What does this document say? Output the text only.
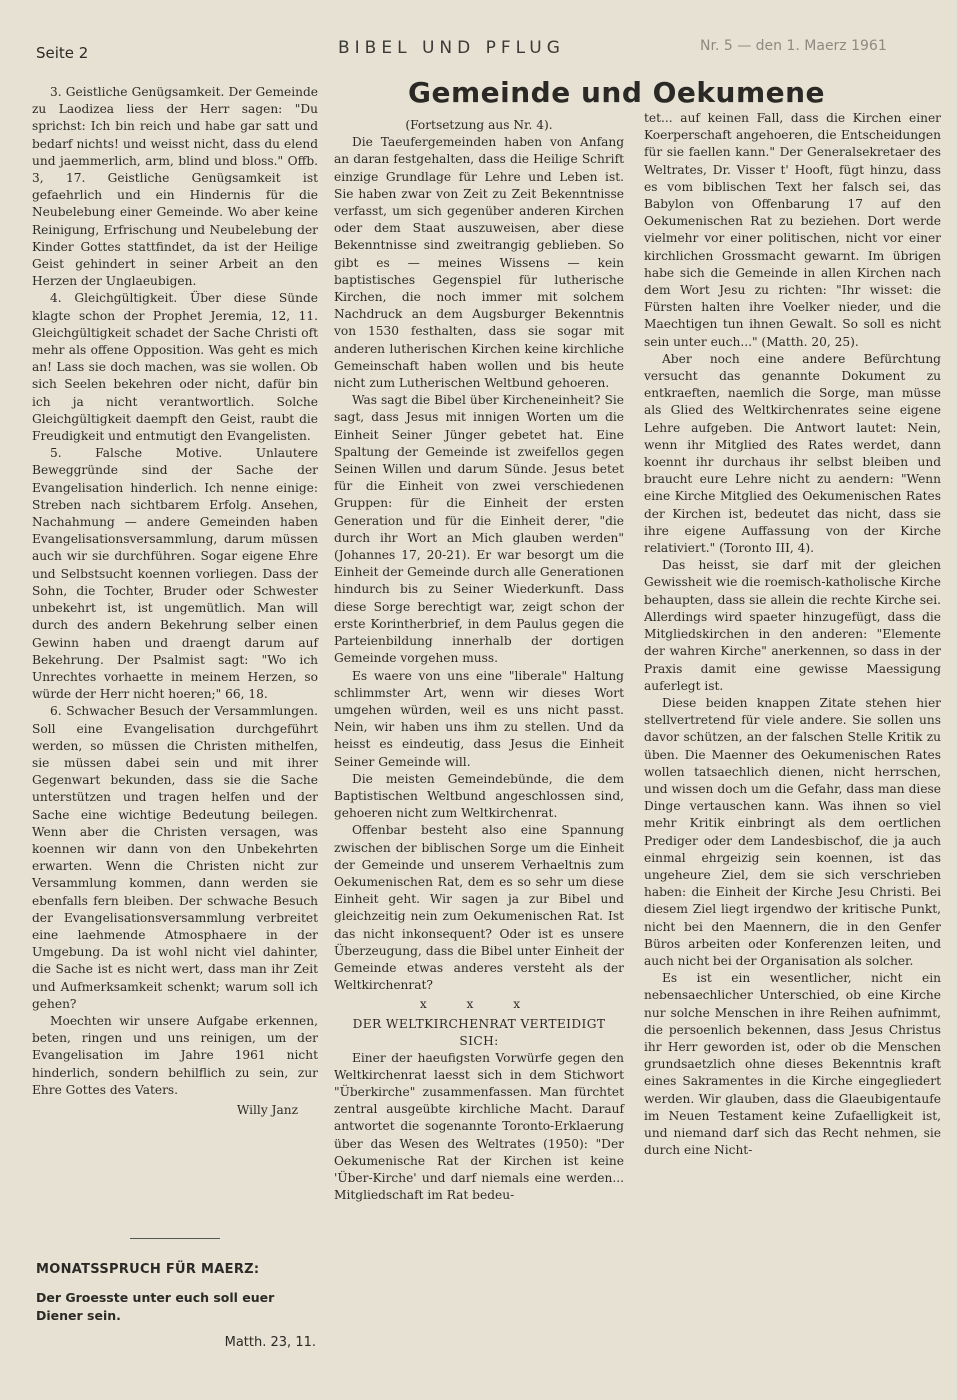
Seite 2	BIBEL UND PFLUG	Nr. 5 — den 1. Maerz 1961

3. Geistliche Genügsamkeit. Der Gemeinde zu Laodizea liess der Herr sagen: "Du sprichst: Ich bin reich und habe gar satt und bedarf nichts! und weisst nicht, dass du elend und jaemmerlich, arm, blind und bloss." Offb. 3, 17. Geistliche Genügsamkeit ist gefaehrlich und ein Hindernis für die Neubelebung einer Gemeinde. Wo aber keine Reinigung, Erfrischung und Neubelebung der Kinder Gottes stattfindet, da ist der Heilige Geist gehindert in seiner Arbeit an den Herzen der Unglaeubigen.

4. Gleichgültigkeit. Über diese Sünde klagte schon der Prophet Jeremia, 12, 11. Gleichgültigkeit schadet der Sache Christi oft mehr als offene Opposition. Was geht es mich an! Lass sie doch machen, was sie wollen. Ob sich Seelen bekehren oder nicht, dafür bin ich ja nicht verantwortlich. Solche Gleichgültigkeit daempft den Geist, raubt die Freudigkeit und entmutigt den Evangelisten.

5. Falsche Motive. Unlautere Beweggründe sind der Sache der Evangelisation hinderlich. Ich nenne einige: Streben nach sichtbarem Erfolg. Ansehen, Nachahmung — andere Gemeinden haben Evangelisationsversammlung, darum müssen auch wir sie durchführen. Sogar eigene Ehre und Selbstsucht koennen vorliegen. Dass der Sohn, die Tochter, Bruder oder Schwester unbekehrt ist, ist ungemütlich. Man will durch des andern Bekehrung selber einen Gewinn haben und draengt darum auf Bekehrung. Der Psalmist sagt: "Wo ich Unrechtes vorhaette in meinem Herzen, so würde der Herr nicht hoeren;" 66, 18.

6. Schwacher Besuch der Versammlungen. Soll eine Evangelisation durchgeführt werden, so müssen die Christen mithelfen, sie müssen dabei sein und mit ihrer Gegenwart bekunden, dass sie die Sache unterstützen und tragen helfen und der Sache eine wichtige Bedeutung beilegen. Wenn aber die Christen versagen, was koennen wir dann von den Unbekehrten erwarten. Wenn die Christen nicht zur Versammlung kommen, dann werden sie ebenfalls fern bleiben. Der schwache Besuch der Evangelisationsversammlung verbreitet eine laehmende Atmosphaere in der Umgebung. Da ist wohl nicht viel dahinter, die Sache ist es nicht wert, dass man ihr Zeit und Aufmerksamkeit schenkt; warum soll ich gehen?

Moechten wir unsere Aufgabe erkennen, beten, ringen und uns reinigen, um der Evangelisation im Jahre 1961 nicht hinderlich, sondern behilflich zu sein, zur Ehre Gottes des Vaters.

Willy Janz

MONATSSPRUCH FÜR MAERZ:
Der Groesste unter euch soll euer Diener sein.
Matth. 23, 11.
Gemeinde und Oekumene

(Fortsetzung aus Nr. 4).

Die Taeufergemeinden haben von Anfang an daran festgehalten, dass die Heilige Schrift einzige Grundlage für Lehre und Leben ist. Sie haben zwar von Zeit zu Zeit Bekenntnisse verfasst, um sich gegenüber anderen Kirchen oder dem Staat auszuweisen, aber diese Bekenntnisse sind zweitrangig geblieben. So gibt es — meines Wissens — kein baptistisches Gegenspiel für lutherische Kirchen, die noch immer mit solchem Nachdruck an dem Augsburger Bekenntnis von 1530 festhalten, dass sie sogar mit anderen lutherischen Kirchen keine kirchliche Gemeinschaft haben wollen und bis heute nicht zum Lutherischen Weltbund gehoeren.

Was sagt die Bibel über Kircheneinheit? Sie sagt, dass Jesus mit innigen Worten um die Einheit Seiner Jünger gebetet hat. Eine Spaltung der Gemeinde ist zweifellos gegen Seinen Willen und darum Sünde. Jesus betet für die Einheit von zwei verschiedenen Gruppen: für die Einheit der ersten Generation und für die Einheit derer, "die durch ihr Wort an Mich glauben werden" (Johannes 17, 20-21). Er war besorgt um die Einheit der Gemeinde durch alle Generationen hindurch bis zu Seiner Wiederkunft. Dass diese Sorge berechtigt war, zeigt schon der erste Korintherbrief, in dem Paulus gegen die Parteienbildung innerhalb der dortigen Gemeinde vorgehen muss.

Es waere von uns eine "liberale" Haltung schlimmster Art, wenn wir dieses Wort umgehen würden, weil es uns nicht passt. Nein, wir haben uns ihm zu stellen. Und da heisst es eindeutig, dass Jesus die Einheit Seiner Gemeinde will.

Die meisten Gemeindebünde, die dem Baptistischen Weltbund angeschlossen sind, gehoeren nicht zum Weltkirchenrat.

Offenbar besteht also eine Spannung zwischen der biblischen Sorge um die Einheit der Gemeinde und unserem Verhaeltnis zum Oekumenischen Rat, dem es so sehr um diese Einheit geht. Wir sagen ja zur Bibel und gleichzeitig nein zum Oekumenischen Rat. Ist das nicht inkonsequent? Oder ist es unsere Überzeugung, dass die Bibel unter Einheit der Gemeinde etwas anderes versteht als der Weltkirchenrat?

x x x

DER WELTKIRCHENRAT VERTEIDIGT SICH:

Einer der haeufigsten Vorwürfe gegen den Weltkirchenrat laesst sich in dem Stichwort "Überkirche" zusammenfassen. Man fürchtet zentral ausgeübte kirchliche Macht. Darauf antwortet die sogenannte Toronto-Erklaerung über das Wesen des Weltrates (1950): "Der Oekumenische Rat der Kirchen ist keine 'Über-Kirche' und darf niemals eine werden... Mitgliedschaft im Rat bedeu-

tet... auf keinen Fall, dass die Kirchen einer Koerperschaft angehoeren, die Entscheidungen für sie faellen kann." Der Generalsekretaer des Weltrates, Dr. Visser t' Hooft, fügt hinzu, dass es vom biblischen Text her falsch sei, das Babylon von Offenbarung 17 auf den Oekumenischen Rat zu beziehen. Dort werde vielmehr vor einer politischen, nicht vor einer kirchlichen Grossmacht gewarnt. Im übrigen habe sich die Gemeinde in allen Kirchen nach dem Wort Jesu zu richten: "Ihr wisset: die Fürsten halten ihre Voelker nieder, und die Maechtigen tun ihnen Gewalt. So soll es nicht sein unter euch..." (Matth. 20, 25).

Aber noch eine andere Befürchtung versucht das genannte Dokument zu entkraeften, naemlich die Sorge, man müsse als Glied des Weltkirchenrates seine eigene Lehre aufgeben. Die Antwort lautet: Nein, wenn ihr Mitglied des Rates werdet, dann koennt ihr durchaus ihr selbst bleiben und braucht eure Lehre nicht zu aendern: "Wenn eine Kirche Mitglied des Oekumenischen Rates der Kirchen ist, bedeutet das nicht, dass sie ihre eigene Auffassung von der Kirche relativiert." (Toronto III, 4).

Das heisst, sie darf mit der gleichen Gewissheit wie die roemisch-katholische Kirche behaupten, dass sie allein die rechte Kirche sei. Allerdings wird spaeter hinzugefügt, dass die Mitgliedskirchen in den anderen: "Elemente der wahren Kirche" anerkennen, so dass in der Praxis damit eine gewisse Maessigung auferlegt ist.

Diese beiden knappen Zitate stehen hier stellvertretend für viele andere. Sie sollen uns davor schützen, an der falschen Stelle Kritik zu üben. Die Maenner des Oekumenischen Rates wollen tatsaechlich dienen, nicht herrschen, und wissen doch um die Gefahr, dass man diese Dinge vertauschen kann. Was ihnen so viel mehr Kritik einbringt als dem oertlichen Prediger oder dem Landesbischof, die ja auch einmal ehrgeizig sein koennen, ist das ungeheure Ziel, dem sie sich verschrieben haben: die Einheit der Kirche Jesu Christi. Bei diesem Ziel liegt irgendwo der kritische Punkt, nicht bei den Maennern, die in den Genfer Büros arbeiten oder Konferenzen leiten, und auch nicht bei der Organisation als solcher.

Es ist ein wesentlicher, nicht ein nebensaechlicher Unterschied, ob eine Kirche nur solche Menschen in ihre Reihen aufnimmt, die persoenlich bekennen, dass Jesus Christus ihr Herr geworden ist, oder ob die Menschen grundsaetzlich ohne dieses Bekenntnis kraft eines Sakramentes in die Kirche eingegliedert werden. Wir glauben, dass die Glaeubigentaufe im Neuen Testament keine Zufaelligkeit ist, und niemand darf sich das Recht nehmen, sie durch eine Nicht-
